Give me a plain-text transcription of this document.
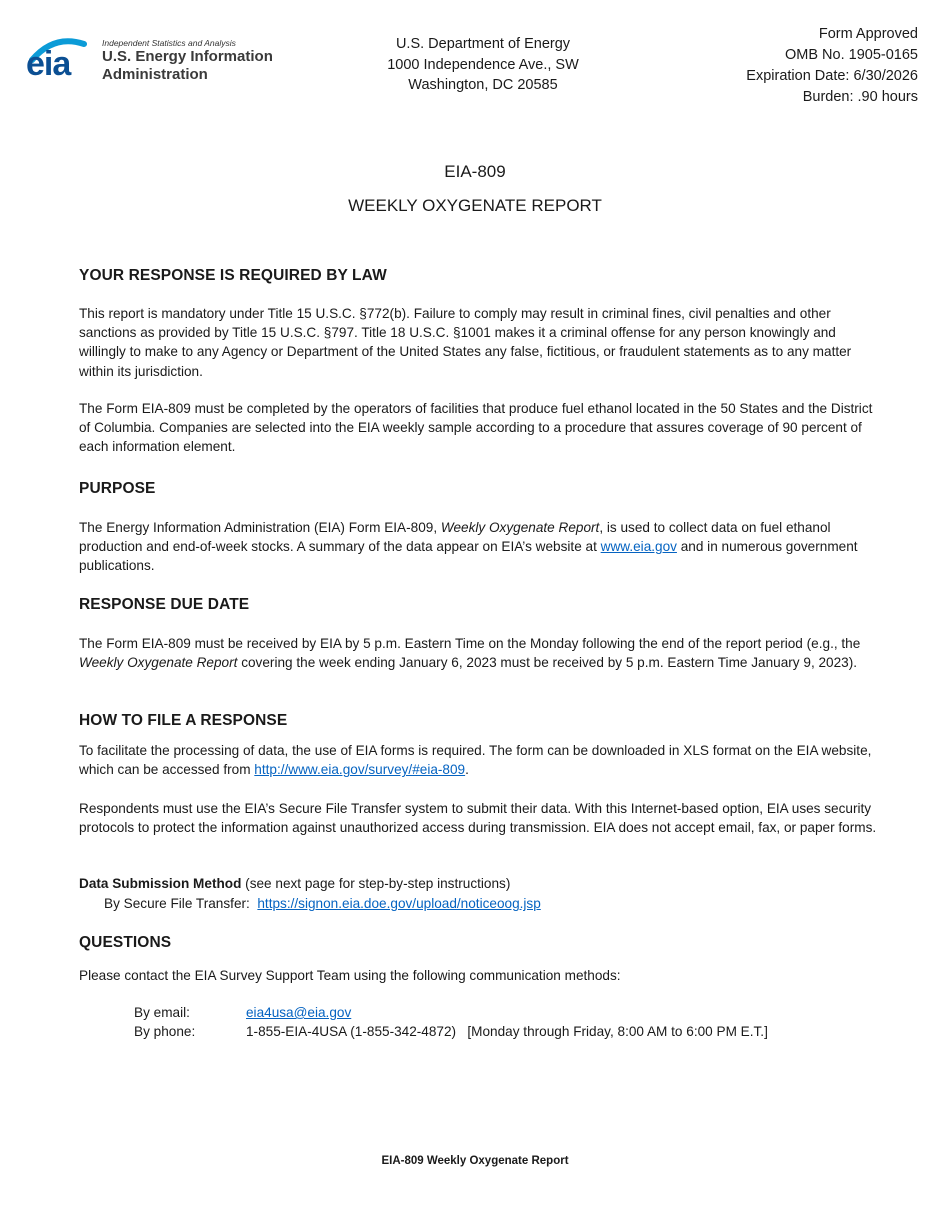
eia
Independent Statistics and Analysis
U.S. Energy Information
Administration
U.S. Department of Energy
1000 Independence Ave., SW
Washington, DC 20585
Form Approved
OMB No. 1905-0165
Expiration Date: 6/30/2026
Burden: .90 hours
EIA-809
WEEKLY OXYGENATE REPORT
YOUR RESPONSE IS REQUIRED BY LAW
This report is mandatory under Title 15 U.S.C. §772(b). Failure to comply may result in criminal fines, civil penalties and other sanctions as provided by Title 15 U.S.C. §797. Title 18 U.S.C. §1001 makes it a criminal offense for any person knowingly and willingly to make to any Agency or Department of the United States any false, fictitious, or fraudulent statements as to any matter within its jurisdiction.
The Form EIA-809 must be completed by the operators of facilities that produce fuel ethanol located in the 50 States and the District of Columbia. Companies are selected into the EIA weekly sample according to a procedure that assures coverage of 90 percent of each information element.
PURPOSE
The Energy Information Administration (EIA) Form EIA-809, Weekly Oxygenate Report, is used to collect data on fuel ethanol production and end-of-week stocks. A summary of the data appear on EIA’s website at www.eia.gov and in numerous government publications.
RESPONSE DUE DATE
The Form EIA-809 must be received by EIA by 5 p.m. Eastern Time on the Monday following the end of the report period (e.g., the Weekly Oxygenate Report covering the week ending January 6, 2023 must be received by 5 p.m. Eastern Time January 9, 2023).
HOW TO FILE A RESPONSE
To facilitate the processing of data, the use of EIA forms is required. The form can be downloaded in XLS format on the EIA website, which can be accessed from http://www.eia.gov/survey/#eia-809.
Respondents must use the EIA’s Secure File Transfer system to submit their data. With this Internet-based option, EIA uses security protocols to protect the information against unauthorized access during transmission. EIA does not accept email, fax, or paper forms.
Data Submission Method (see next page for step-by-step instructions)
By Secure File Transfer:  https://signon.eia.doe.gov/upload/noticeoog.jsp
QUESTIONS
Please contact the EIA Survey Support Team using the following communication methods:
By email:	eia4usa@eia.gov
By phone:	1-855-EIA-4USA (1-855-342-4872)   [Monday through Friday, 8:00 AM to 6:00 PM E.T.]
EIA-809 Weekly Oxygenate Report
